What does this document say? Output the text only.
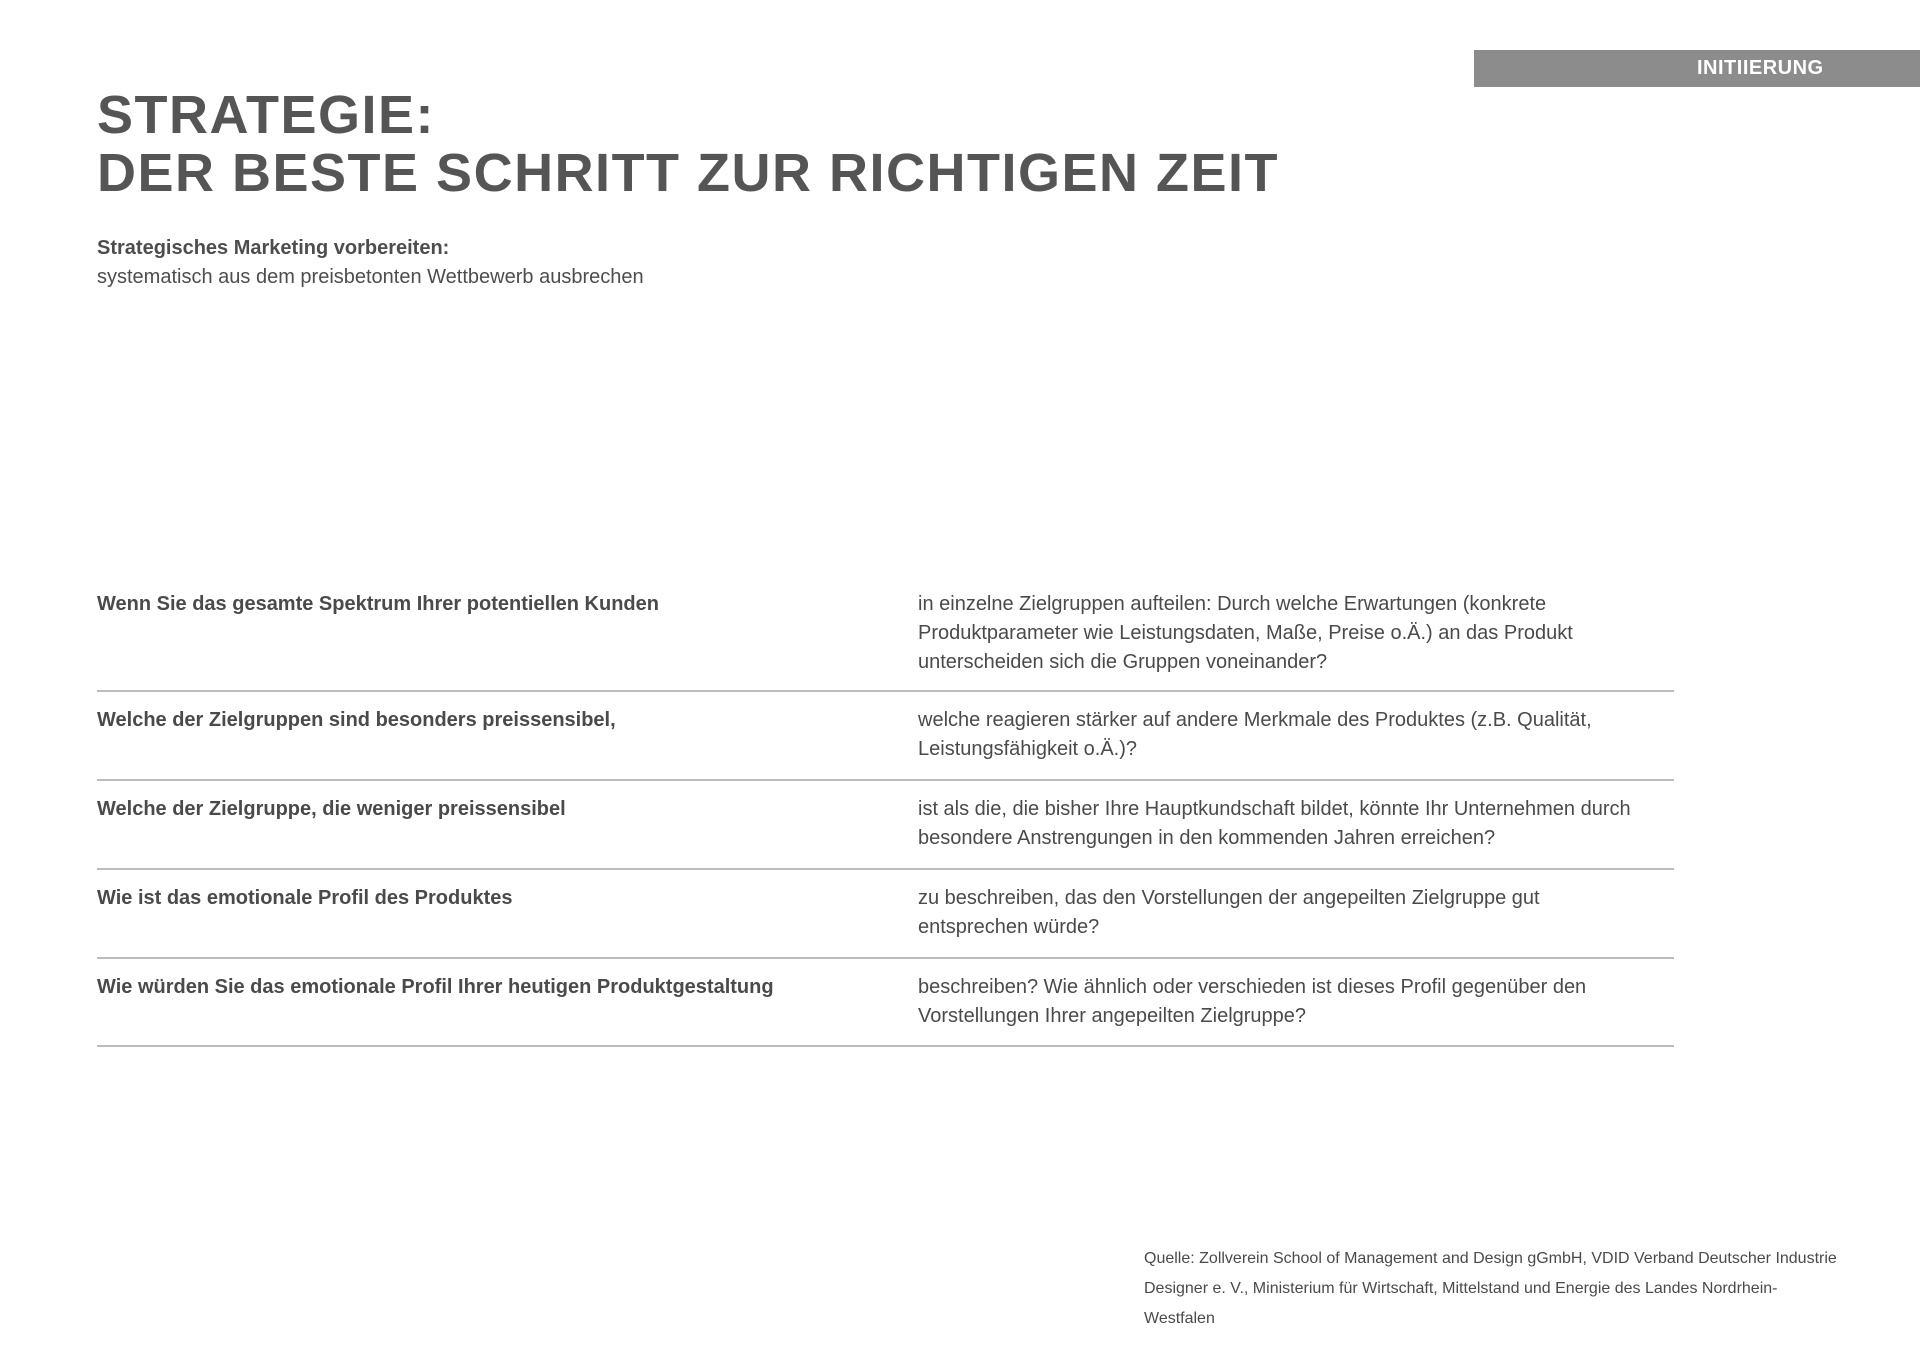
INITIIERUNG
STRATEGIE:
DER BESTE SCHRITT ZUR RICHTIGEN ZEIT
Strategisches Marketing vorbereiten:
systematisch aus dem preisbetonten Wettbewerb ausbrechen
Wenn Sie das gesamte Spektrum Ihrer potentiellen Kunden	in einzelne Zielgruppen aufteilen: Durch welche Erwartungen (konkrete Produktparameter wie Leistungsdaten, Maße, Preise o.Ä.) an das Produkt unterscheiden sich die Gruppen voneinander?
Welche der Zielgruppen sind besonders preissensibel,	welche reagieren stärker auf andere Merkmale des Produktes (z.B. Qualität, Leistungsfähigkeit o.Ä.)?
Welche der Zielgruppe, die weniger preissensibel	ist als die, die bisher Ihre Hauptkundschaft bildet, könnte Ihr Unternehmen durch besondere Anstrengungen in den kommenden Jahren erreichen?
Wie ist das emotionale Profil des Produktes	zu beschreiben, das den Vorstellungen der angepeilten Zielgruppe gut entsprechen würde?
Wie würden Sie das emotionale Profil Ihrer heutigen Produktgestaltung	beschreiben? Wie ähnlich oder verschieden ist dieses Profil gegenüber den Vorstellungen Ihrer angepeilten Zielgruppe?
Quelle: Zollverein School of Management and Design gGmbH, VDID Verband Deutscher Industrie Designer e. V., Ministerium für Wirtschaft, Mittelstand und Energie des Landes Nordrhein-Westfalen
